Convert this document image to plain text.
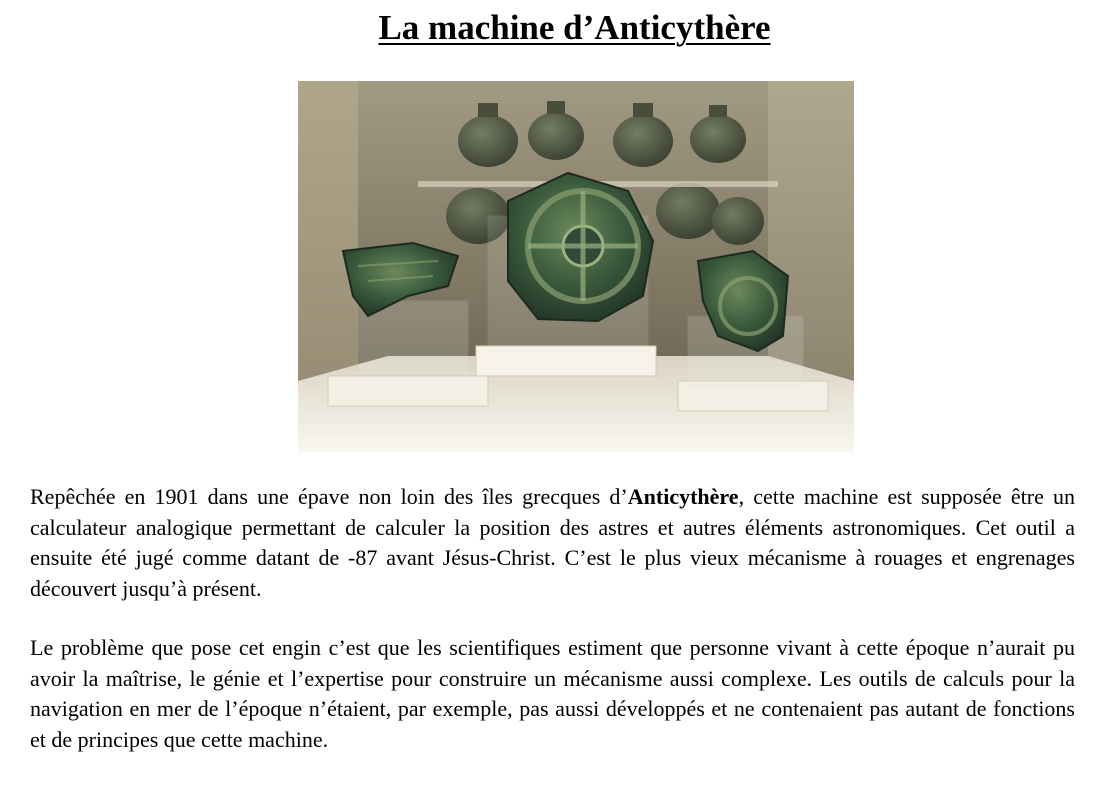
La machine d’Anticythère

Repêchée en 1901 dans une épave non loin des îles grecques d’Anticythère, cette machine est supposée être un calculateur analogique permettant de calculer la position des astres et autres éléments astronomiques. Cet outil a ensuite été jugé comme datant de -87 avant Jésus-Christ. C’est le plus vieux mécanisme à rouages et engrenages découvert jusqu’à présent.

Le problème que pose cet engin c’est que les scientifiques estiment que personne vivant à cette époque n’aurait pu avoir la maîtrise, le génie et l’expertise pour construire un mécanisme aussi complexe. Les outils de calculs pour la navigation en mer de l’époque n’étaient, par exemple, pas aussi développés et ne contenaient pas autant de fonctions et de principes que cette machine.
